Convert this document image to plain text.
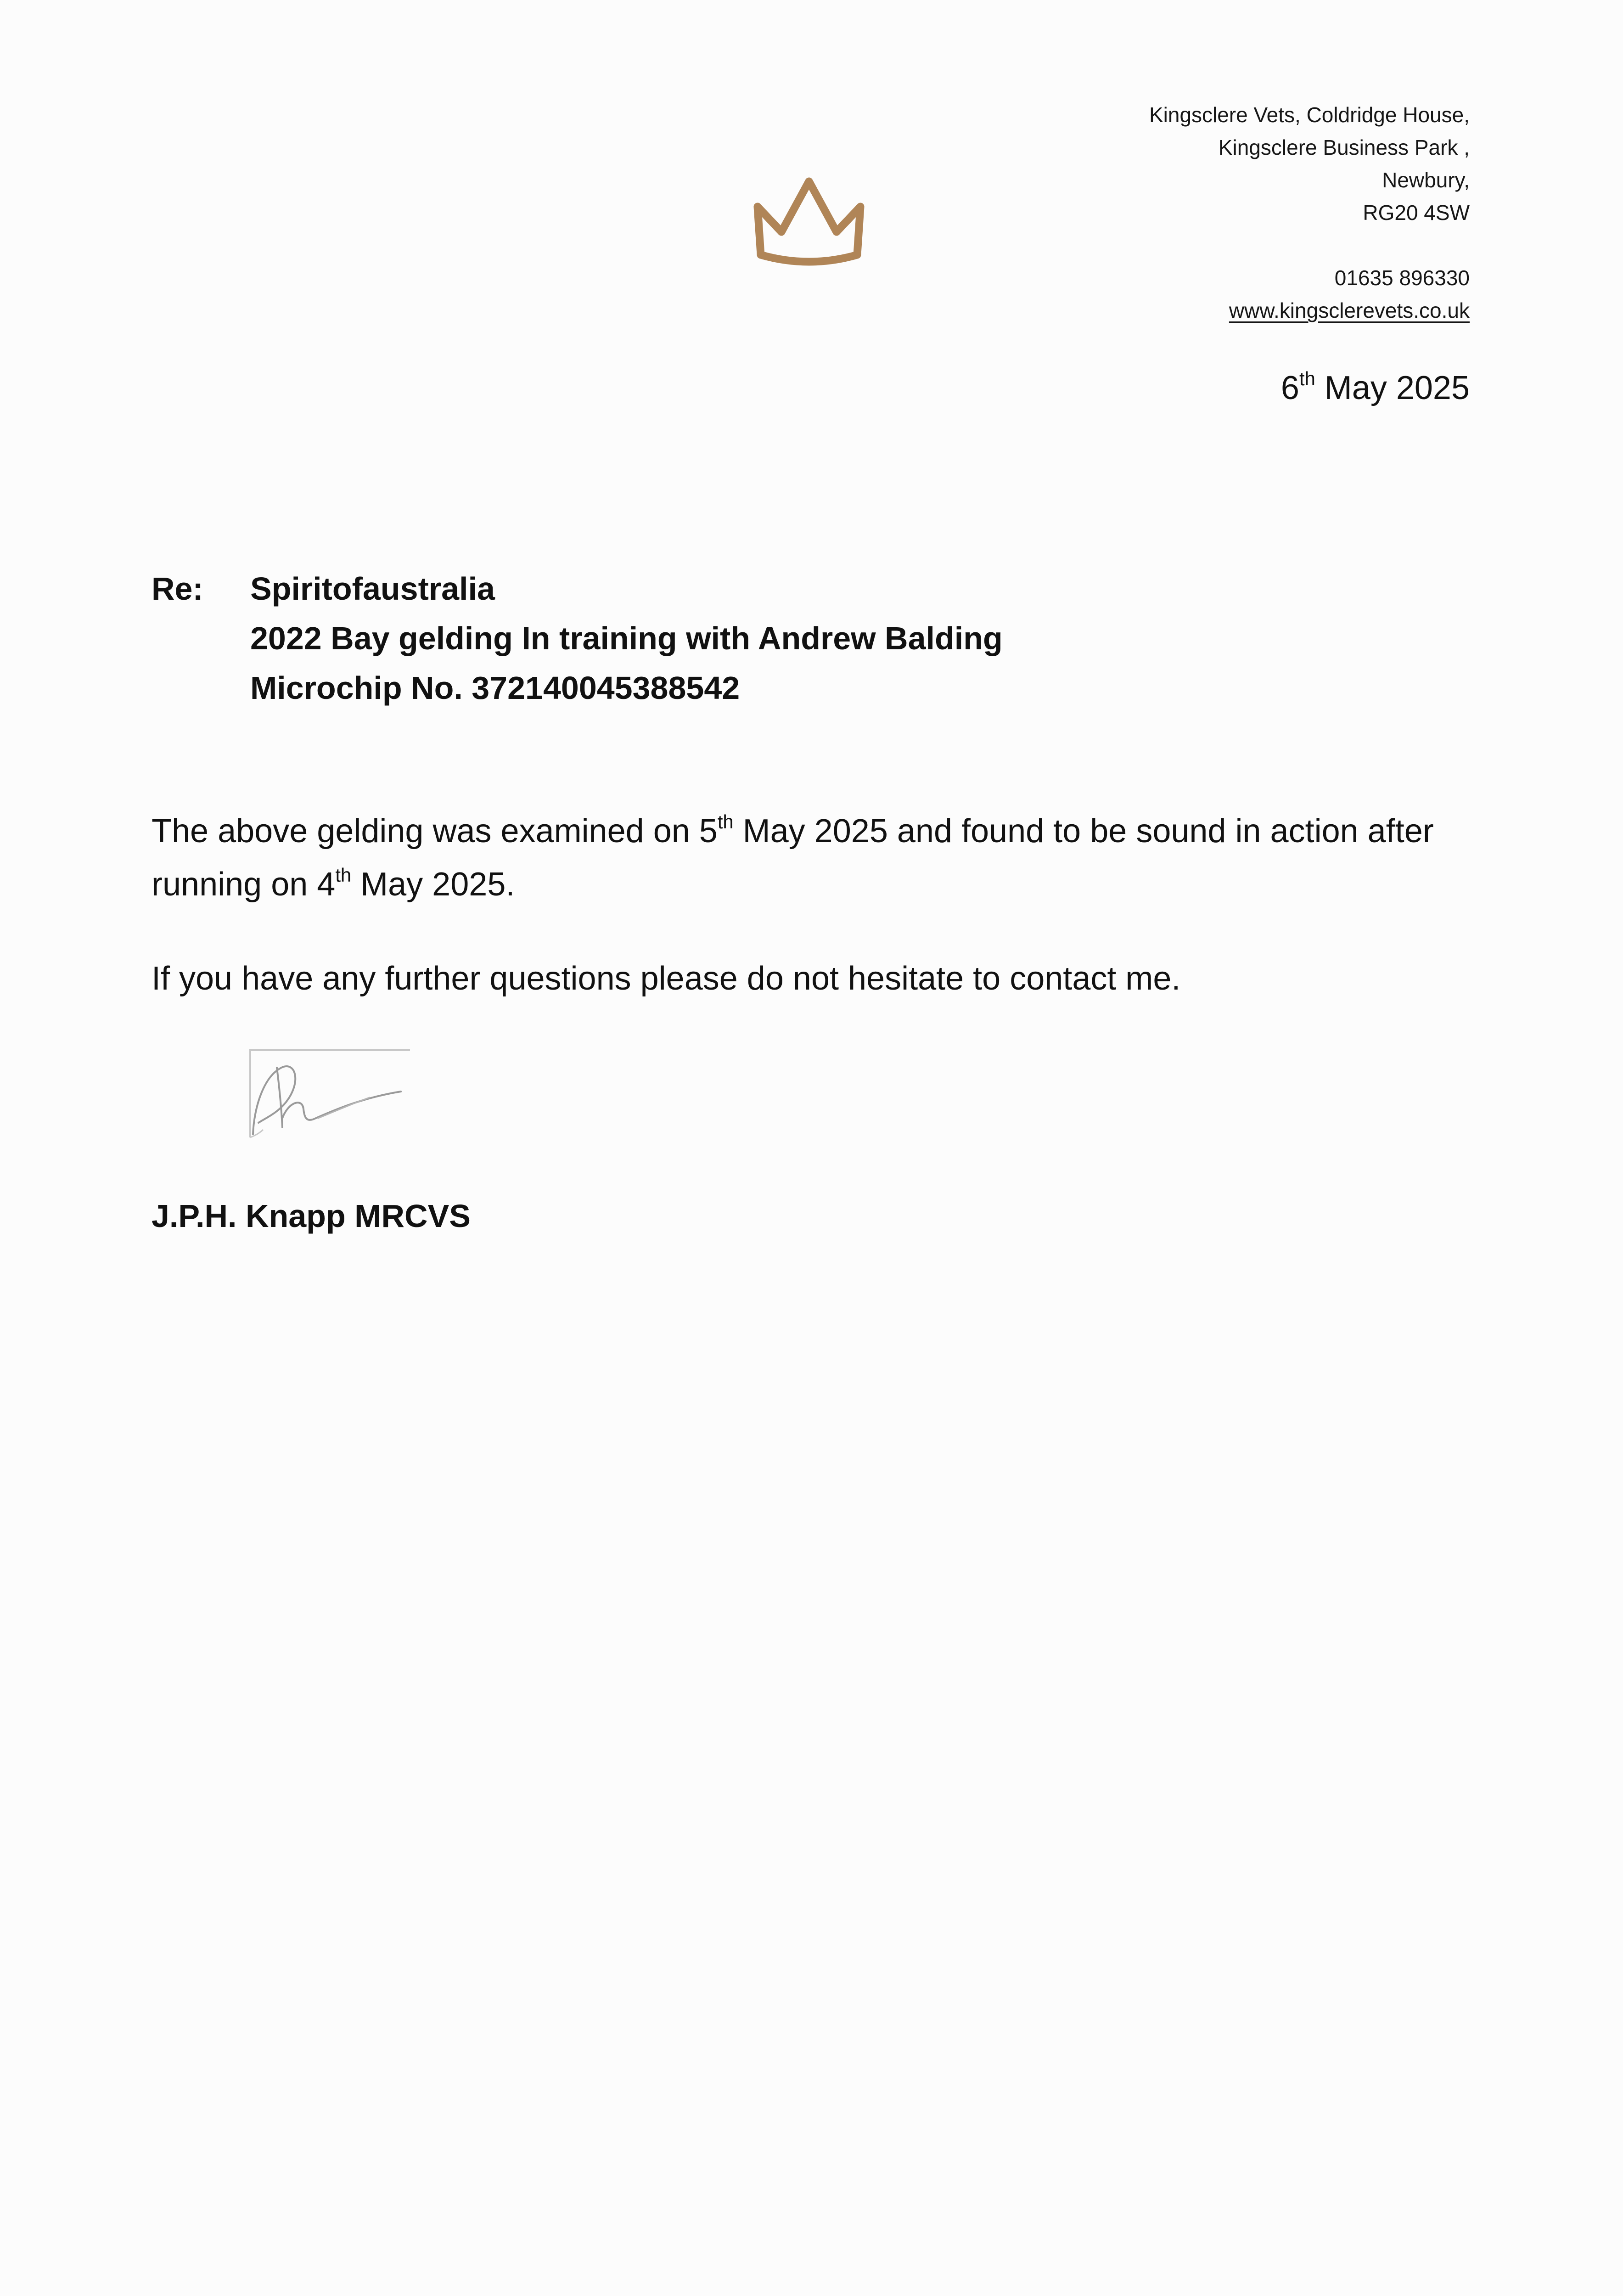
Kingsclere Vets, Coldridge House,
Kingsclere Business Park ,
Newbury,
RG20 4SW
01635 896330
www.kingsclerevets.co.uk
6th May 2025
Re: Spiritofaustralia
2022 Bay gelding In training with Andrew Balding
Microchip No. 372140045388542
The above gelding was examined on 5th May 2025 and found to be sound in action after running on 4th May 2025.
If you have any further questions please do not hesitate to contact me.
J.P.H. Knapp MRCVS
